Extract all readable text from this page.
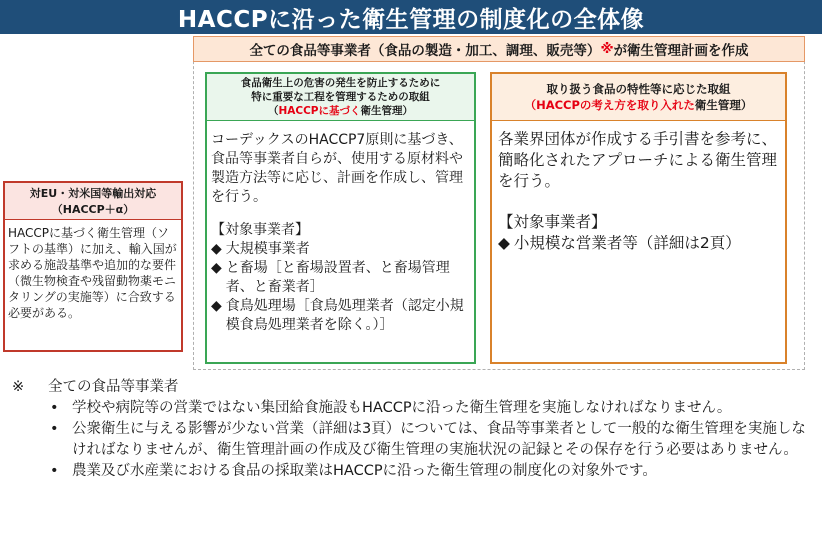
HACCPに沿った衛生管理の制度化の全体像
全ての食品等事業者（食品の製造・加工、調理、販売等） ※ が衛生管理計画を作成
食品衛生上の危害の発生を防止するために
特に重要な工程を管理するための取組
（HACCPに基づく衛生管理）
コーデックスのHACCP7原則に基づき、食品等事業者自らが、使用する原材料や製造方法等に応じ、計画を作成し、管理を行う。
【対象事業者】
◆ 大規模事業者
◆ と畜場［と畜場設置者、と畜場管理者、と畜業者］
◆ 食鳥処理場［食鳥処理業者（認定小規模食鳥処理業者を除く。）］
取り扱う食品の特性等に応じた取組
（HACCPの考え方を取り入れた衛生管理）
各業界団体が作成する手引書を参考に、簡略化されたアプローチによる衛生管理を行う。
【対象事業者】
◆ 小規模な営業者等（詳細は2頁）
対EU・対米国等輸出対応
（HACCP＋α）
HACCPに基づく衛生管理（ソフトの基準）に加え、輸入国が求める施設基準や追加的な要件（微生物検査や残留動物薬モニタリングの実施等）に合致する必要がある。
※	全ての食品等事業者
• 学校や病院等の営業ではない集団給食施設もHACCPに沿った衛生管理を実施しなければなりません。
• 公衆衛生に与える影響が少ない営業（詳細は3頁）については、食品等事業者として一般的な衛生管理を実施しなければなりませんが、衛生管理計画の作成及び衛生管理の実施状況の記録とその保存を行う必要はありません。
• 農業及び水産業における食品の採取業はHACCPに沿った衛生管理の制度化の対象外です。
